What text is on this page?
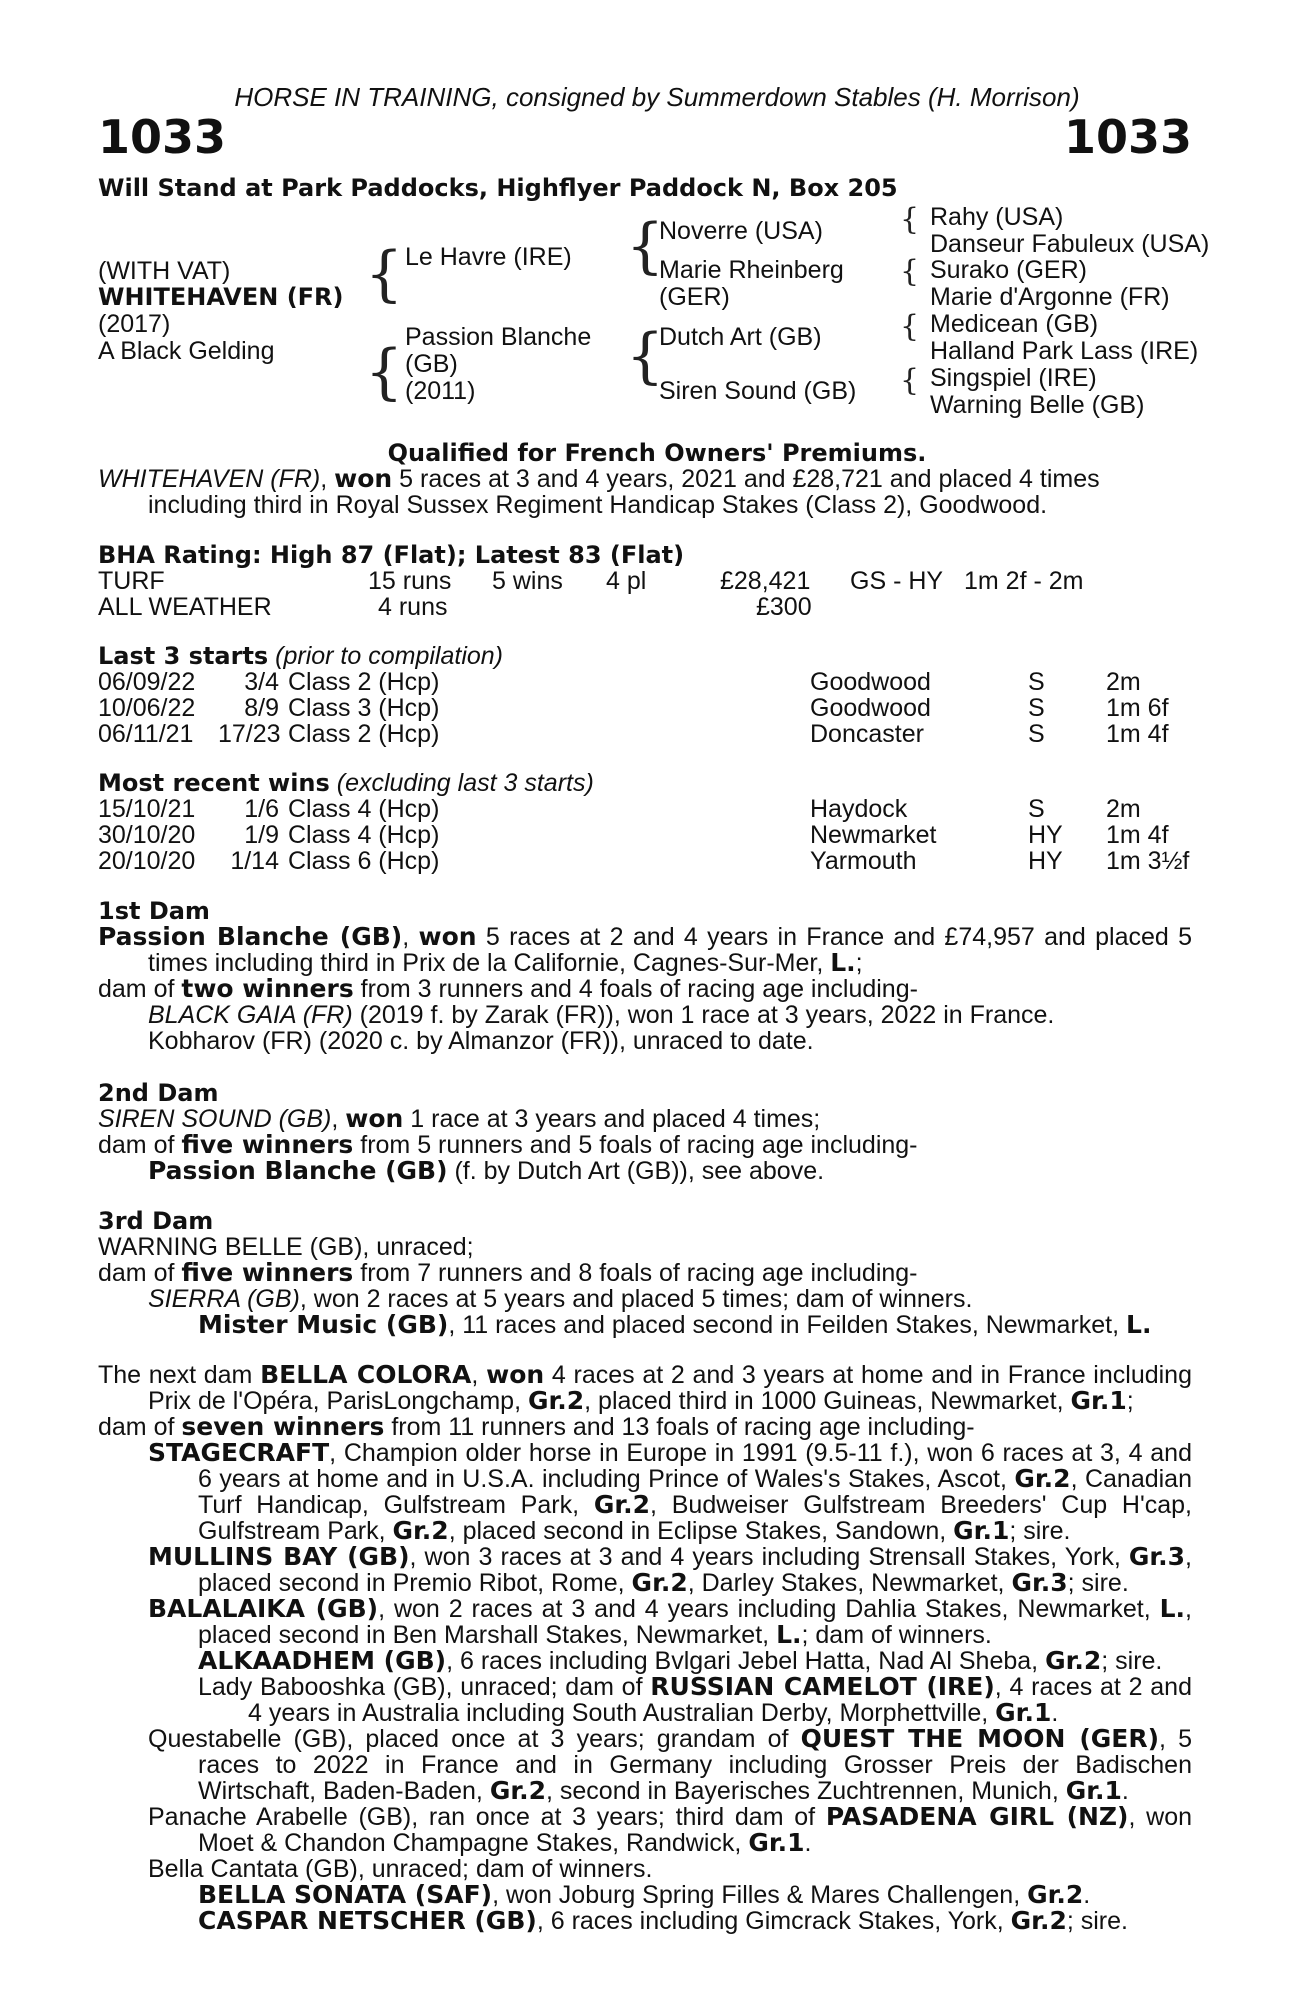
HORSE IN TRAINING, consigned by Summerdown Stables (H. Morrison)
1033	1033
Will Stand at Park Paddocks, Highflyer Paddock N, Box 205
(WITH VAT)
WHITEHAVEN (FR)
(2017)
A Black Gelding
{
{
{
{
{
{
{
{
Le Havre (IRE)
Passion Blanche
(GB)
(2011)
Noverre (USA)
Marie Rheinberg
(GER)
Dutch Art (GB)
Siren Sound (GB)
Rahy (USA)
Danseur Fabuleux (USA)
Surako (GER)
Marie d'Argonne (FR)
Medicean (GB)
Halland Park Lass (IRE)
Singspiel (IRE)
Warning Belle (GB)
Qualified for French Owners' Premiums.

WHITEHAVEN (FR), won 5 races at 3 and 4 years, 2021 and £28,721 and placed 4 times
including third in Royal Sussex Regiment Handicap Stakes (Class 2), Goodwood.

BHA Rating: High 87 (Flat); Latest 83 (Flat)
TURF	15 runs 5 wins 4 pl	£28,421 GS - HY 1m 2f - 2m
ALL WEATHER	4 runs	£300
Last 3 starts (prior to compilation)
06/09/22	3/4 Class 2 (Hcp)	Goodwood	S 2m
10/06/22	8/9 Class 3 (Hcp)	Goodwood	S 1m 6f
06/11/21 17/23 Class 2 (Hcp)	Doncaster	S 1m 4f
Most recent wins (excluding last 3 starts)
15/10/21	1/6 Class 4 (Hcp)	Haydock	S 2m
30/10/20	1/9 Class 4 (Hcp)	Newmarket	HY 1m 4f
20/10/20	1/14 Class 6 (Hcp)	Yarmouth	HY 1m 3½f

1st Dam

Passion Blanche (GB), won 5 races at 2 and 4 years in France and £74,957 and placed 5 times including third in Prix de la Californie, Cagnes-Sur-Mer, L.;

dam of two winners from 3 runners and 4 foals of racing age including-

BLACK GAIA (FR) (2019 f. by Zarak (FR)), won 1 race at 3 years, 2022 in France.

Kobharov (FR) (2020 c. by Almanzor (FR)), unraced to date.

2nd Dam

SIREN SOUND (GB), won 1 race at 3 years and placed 4 times;

dam of five winners from 5 runners and 5 foals of racing age including-

Passion Blanche (GB) (f. by Dutch Art (GB)), see above.

3rd Dam

WARNING BELLE (GB), unraced;

dam of five winners from 7 runners and 8 foals of racing age including-

SIERRA (GB), won 2 races at 5 years and placed 5 times; dam of winners.

Mister Music (GB), 11 races and placed second in Feilden Stakes, Newmarket, L.

The next dam BELLA COLORA, won 4 races at 2 and 3 years at home and in France including Prix de l'Opéra, ParisLongchamp, Gr.2, placed third in 1000 Guineas, Newmarket, Gr.1;

dam of seven winners from 11 runners and 13 foals of racing age including-

STAGECRAFT, Champion older horse in Europe in 1991 (9.5-11 f.), won 6 races at 3, 4 and 6 years at home and in U.S.A. including Prince of Wales's Stakes, Ascot, Gr.2, Canadian Turf Handicap, Gulfstream Park, Gr.2, Budweiser Gulfstream Breeders' Cup H'cap, Gulfstream Park, Gr.2, placed second in Eclipse Stakes, Sandown, Gr.1; sire.

MULLINS BAY (GB), won 3 races at 3 and 4 years including Strensall Stakes, York, Gr.3, placed second in Premio Ribot, Rome, Gr.2, Darley Stakes, Newmarket, Gr.3; sire.

BALALAIKA (GB), won 2 races at 3 and 4 years including Dahlia Stakes, Newmarket, L., placed second in Ben Marshall Stakes, Newmarket, L.; dam of winners.

ALKAADHEM (GB), 6 races including Bvlgari Jebel Hatta, Nad Al Sheba, Gr.2; sire.

Lady Babooshka (GB), unraced; dam of RUSSIAN CAMELOT (IRE), 4 races at 2 and 4 years in Australia including South Australian Derby, Morphettville, Gr.1.

Questabelle (GB), placed once at 3 years; grandam of QUEST THE MOON (GER), 5 races to 2022 in France and in Germany including Grosser Preis der Badischen Wirtschaft, Baden-Baden, Gr.2, second in Bayerisches Zuchtrennen, Munich, Gr.1.

Panache Arabelle (GB), ran once at 3 years; third dam of PASADENA GIRL (NZ), won Moet & Chandon Champagne Stakes, Randwick, Gr.1.

Bella Cantata (GB), unraced; dam of winners.

BELLA SONATA (SAF), won Joburg Spring Filles & Mares Challengen, Gr.2.

CASPAR NETSCHER (GB), 6 races including Gimcrack Stakes, York, Gr.2; sire.
